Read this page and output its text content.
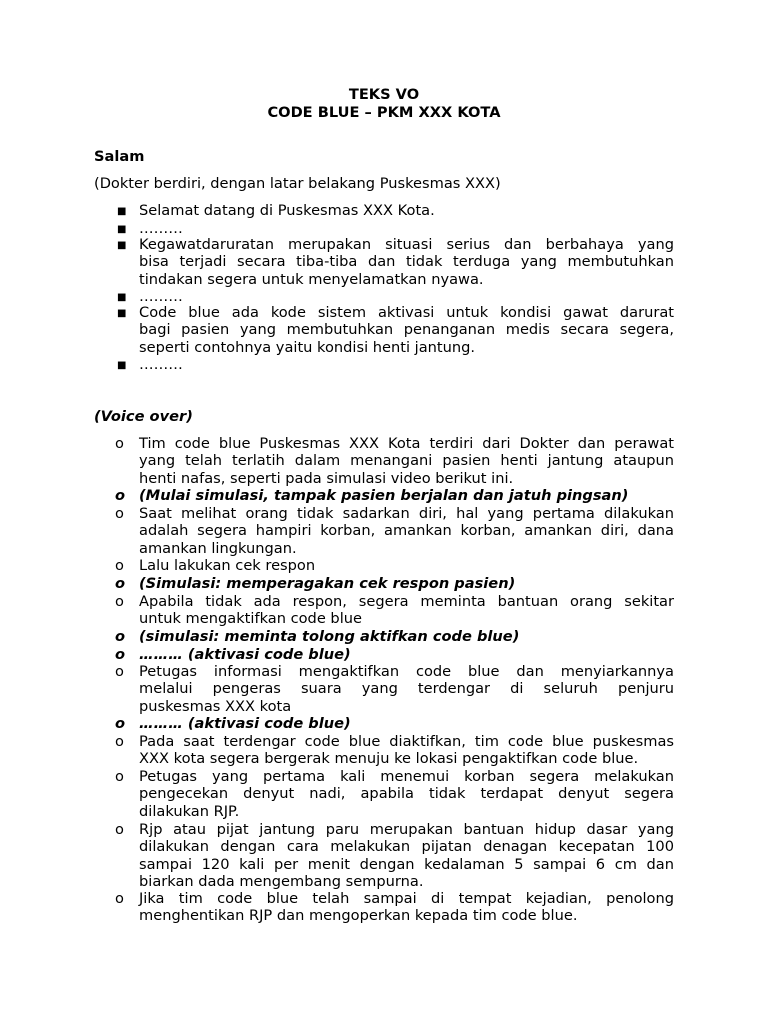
TEKS VO
CODE BLUE – PKM XXX KOTA
Salam
(Dokter berdiri, dengan latar belakang Puskesmas XXX)
■ Selamat datang di Puskesmas XXX Kota.
■ ………
■ Kegawatdaruratan merupakan situasi serius dan berbahaya yang
bisa terjadi secara tiba-tiba dan tidak terduga yang membutuhkan
tindakan segera untuk menyelamatkan nyawa.
■ ………
■ Code blue ada kode sistem aktivasi untuk kondisi gawat darurat
bagi pasien yang membutuhkan penanganan medis secara segera,
seperti contohnya yaitu kondisi henti jantung.
■ ………
(Voice over)
o Tim code blue Puskesmas XXX Kota terdiri dari Dokter dan perawat
yang telah terlatih dalam menangani pasien henti jantung ataupun
henti nafas, seperti pada simulasi video berikut ini.
o (Mulai simulasi, tampak pasien berjalan dan jatuh pingsan)
o Saat melihat orang tidak sadarkan diri, hal yang pertama dilakukan
adalah segera hampiri korban, amankan korban, amankan diri, dana
amankan lingkungan.
o Lalu lakukan cek respon
o (Simulasi: memperagakan cek respon pasien)
o Apabila tidak ada respon, segera meminta bantuan orang sekitar
untuk mengaktifkan code blue
o (simulasi: meminta tolong aktifkan code blue)
o ……… (aktivasi code blue)
o Petugas informasi mengaktifkan code blue dan menyiarkannya
melalui pengeras suara yang terdengar di seluruh penjuru
puskesmas XXX kota
o ……… (aktivasi code blue)
o Pada saat terdengar code blue diaktifkan, tim code blue puskesmas
XXX kota segera bergerak menuju ke lokasi pengaktifkan code blue.
o Petugas yang pertama kali menemui korban segera melakukan
pengecekan denyut nadi, apabila tidak terdapat denyut segera
dilakukan RJP.
o Rjp atau pijat jantung paru merupakan bantuan hidup dasar yang
dilakukan dengan cara melakukan pijatan denagan kecepatan 100
sampai 120 kali per menit dengan kedalaman 5 sampai 6 cm dan
biarkan dada mengembang sempurna.
o Jika tim code blue telah sampai di tempat kejadian, penolong
menghentikan RJP dan mengoperkan kepada tim code blue.
